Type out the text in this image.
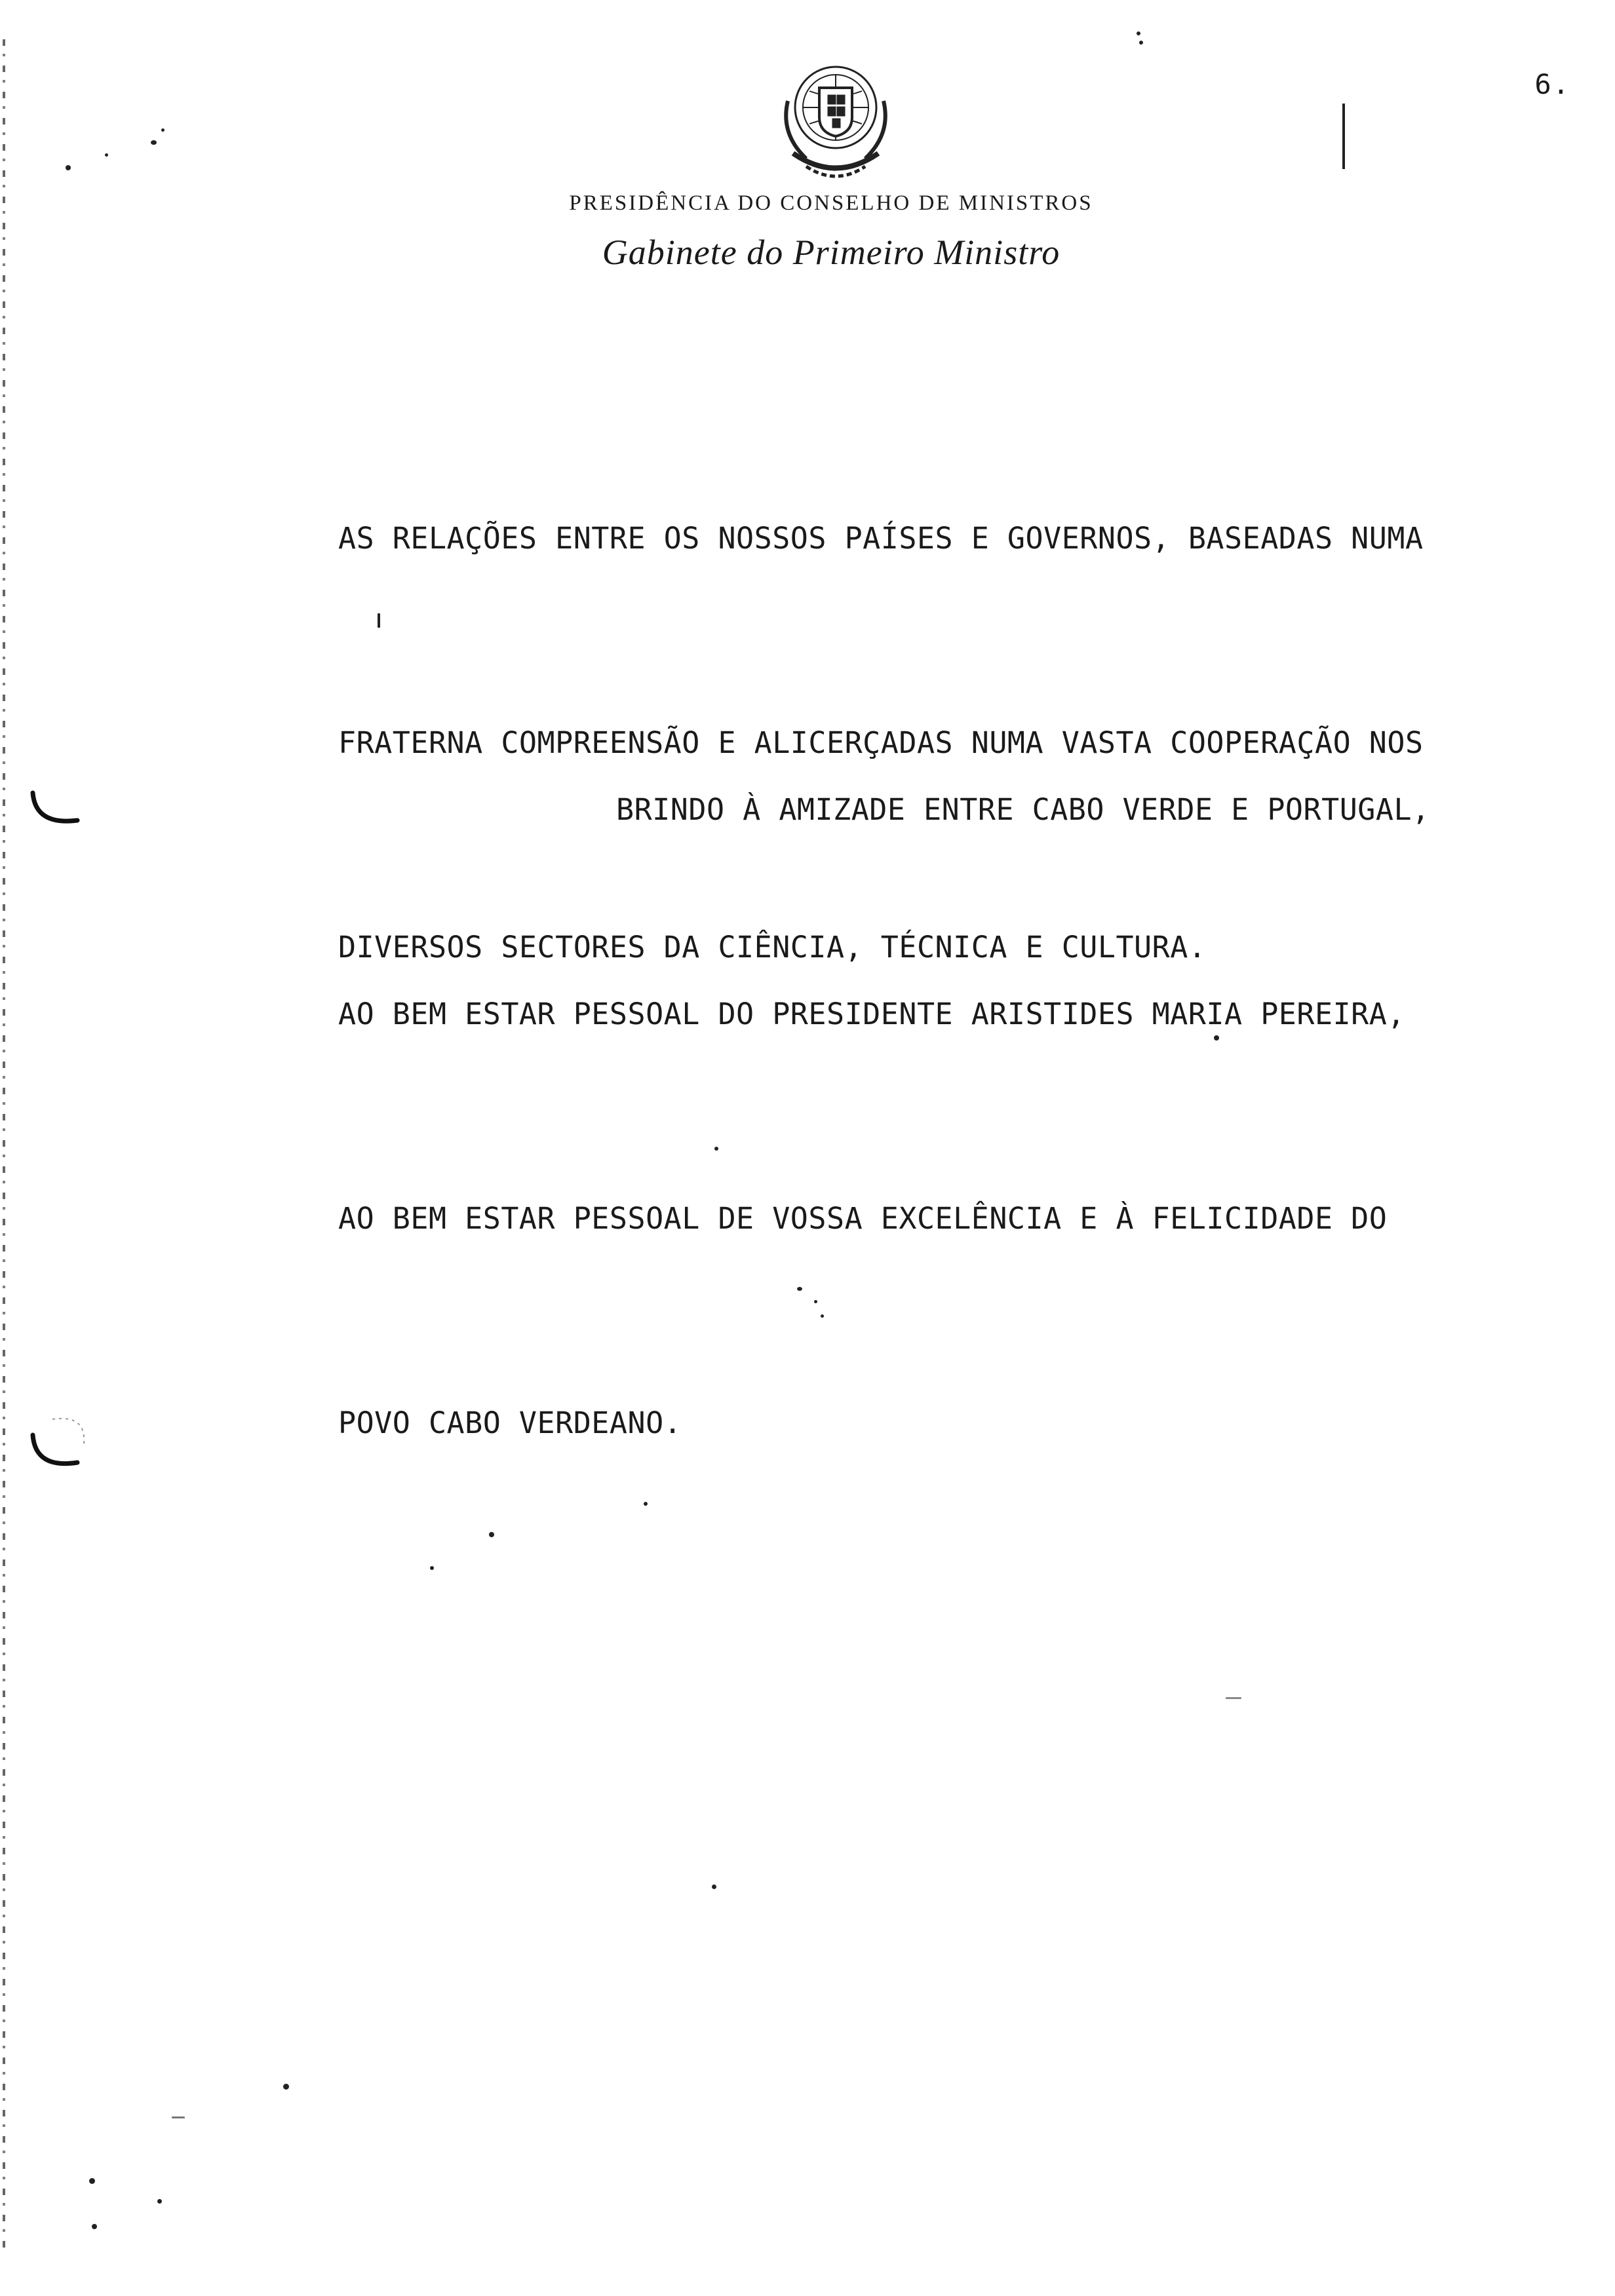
6.
PRESIDÊNCIA DO CONSELHO DE MINISTROS
Gabinete do Primeiro Ministro

AS RELAÇÕES ENTRE OS NOSSOS PAÍSES E GOVERNOS, BASEADAS NUMA

FRATERNA COMPREENSÃO E ALICERÇADAS NUMA VASTA COOPERAÇÃO NOS

DIVERSOS SECTORES DA CIÊNCIA, TÉCNICA E CULTURA.

BRINDO À AMIZADE ENTRE CABO VERDE E PORTUGAL,

AO BEM ESTAR PESSOAL DO PRESIDENTE ARISTIDES MARIA PEREIRA,

AO BEM ESTAR PESSOAL DE VOSSA EXCELÊNCIA E À FELICIDADE DO

POVO CABO VERDEANO.
